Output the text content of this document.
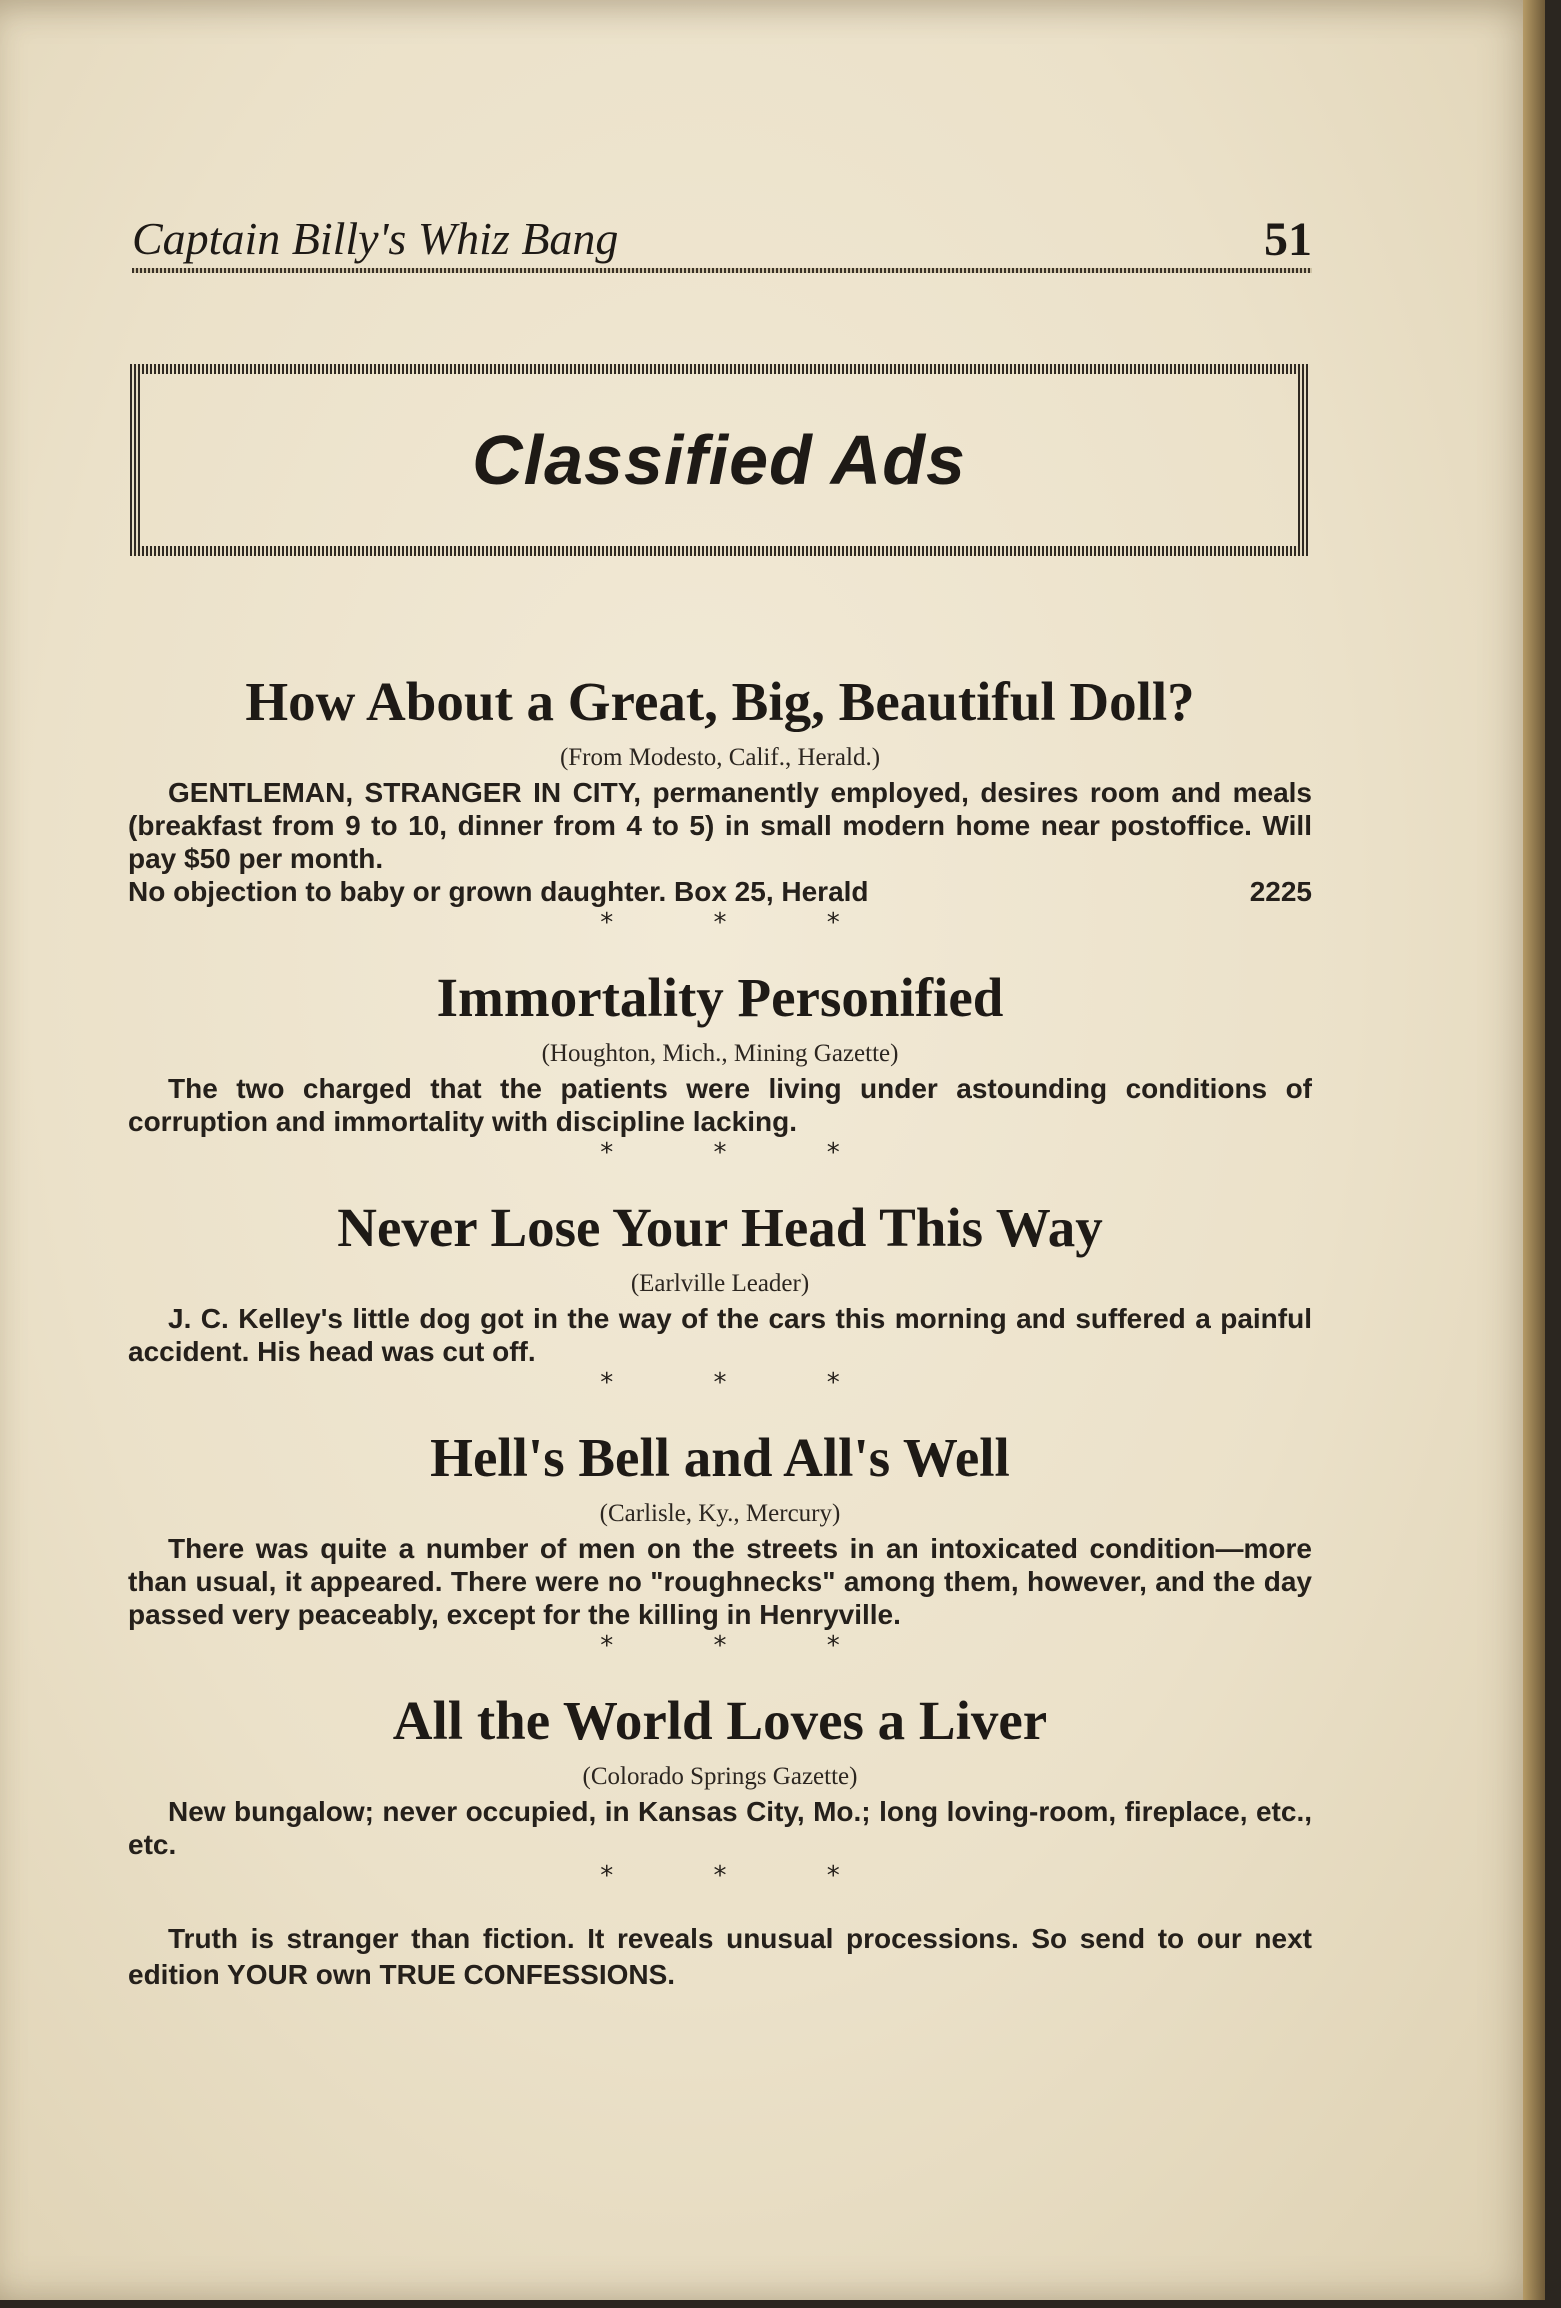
Captain Billy's Whiz Bang	51
Classified Ads
How About a Great, Big, Beautiful Doll?
(From Modesto, Calif., Herald.)
GENTLEMAN, STRANGER IN CITY, permanently employed, desires room and meals (breakfast from 9 to 10, dinner from 4 to 5) in small modern home near postoffice. Will pay $50 per month.
No objection to baby or grown daughter. Box 25, Herald	2225
* * *
Immortality Personified
(Houghton, Mich., Mining Gazette)
The two charged that the patients were living under astounding conditions of corruption and immortality with discipline lacking.
* * *
Never Lose Your Head This Way
(Earlville Leader)
J. C. Kelley's little dog got in the way of the cars this morning and suffered a painful accident. His head was cut off.
* * *
Hell's Bell and All's Well
(Carlisle, Ky., Mercury)
There was quite a number of men on the streets in an intoxicated condition—more than usual, it appeared. There were no "roughnecks" among them, however, and the day passed very peaceably, except for the killing in Henryville.
* * *
All the World Loves a Liver
(Colorado Springs Gazette)
New bungalow; never occupied, in Kansas City, Mo.; long loving-room, fireplace, etc., etc.
* * *
Truth is stranger than fiction. It reveals unusual processions. So send to our next edition YOUR own TRUE CONFESSIONS.
